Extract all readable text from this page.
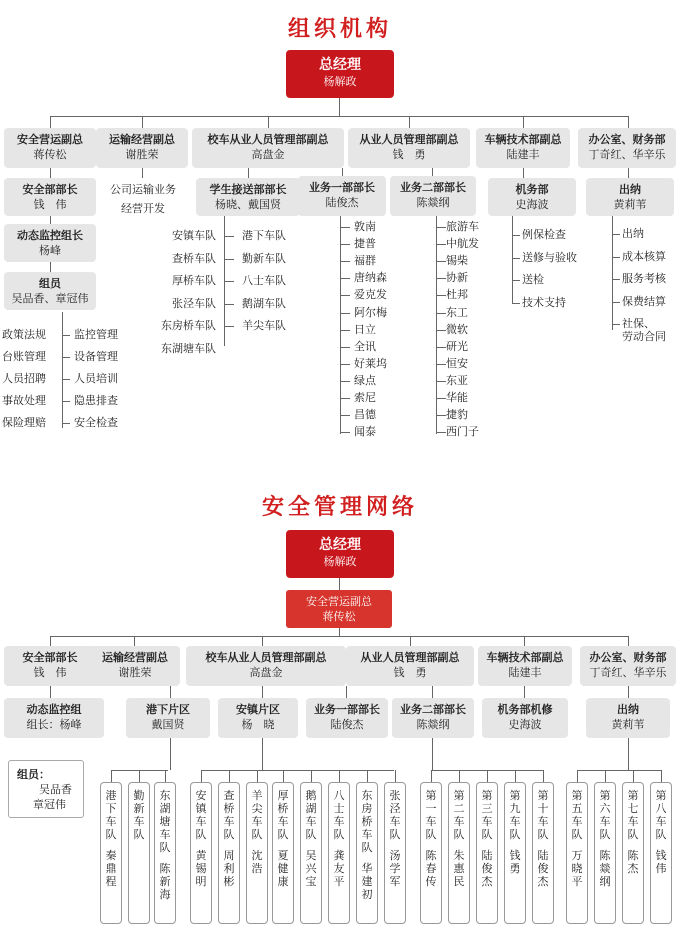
组织机构
总经理
杨解政
安全营运副总
蒋传松
运输经营副总
谢胜荣
校车从业人员管理部副总
高盘金
从业人员管理部副总
钱　勇
车辆技术部副总
陆建丰
办公室、财务部
丁奇红、华辛乐
安全部部长
钱　伟
动态监控组长
杨峰
组员
吴品香、章冠伟
政策法规
台账管理
人员招聘
事故处理
保险理赔
监控管理
设备管理
人员培训
隐患排查
安全检查
公司运输业务
经营开发
学生接送部部长
杨晓、戴国贤
安镇车队
查桥车队
厚桥车队
张泾车队
东房桥车队
东湖塘车队
港下车队
勤新车队
八士车队
鹅湖车队
羊尖车队
业务一部部长
陆俊杰
业务二部部长
陈燚纲
敦南
捷普
福群
唐纳森
爱克发
阿尔梅
日立
全讯
好莱坞
绿点
索尼
昌德
闻泰
旅游车
中航发
锡柴
协新
杜邦
东工
微软
研光
恒安
东亚
华能
捷豹
西门子
机务部
史海波
例保检查
送修与验收
送检
技术支持
出纳
黄莉苇
出纳
成本核算
服务考核
保费结算
社保、
劳动合同
安全管理网络
总经理
杨解政
安全营运副总
蒋传松
安全部部长
钱　伟
运输经营副总
谢胜荣
校车从业人员管理部副总
高盘金
从业人员管理部副总
钱　勇
车辆技术部副总
陆建丰
办公室、财务部
丁奇红、华辛乐
动态监控组
组长：杨峰
组员：
吴品香
章冠伟
港下片区
戴国贤
安镇片区
杨　晓
业务一部部长
陆俊杰
业务二部部长
陈燚纲
机务部机修
史海波
出纳
黄莉苇
港
下
车
队
秦
鼎
程
勤
新
车
队
东
湖
塘
车
队
陈
新
海
安
镇
车
队
黄
锡
明
查
桥
车
队
周
利
彬
羊
尖
车
队
沈
浩
厚
桥
车
队
夏
健
康
鹅
湖
车
队
吴
兴
宝
八
士
车
队
龚
友
平
东
房
桥
车
队
华
建
初
张
泾
车
队
汤
学
军
第
一
车
队
陈
春
传
第
二
车
队
朱
惠
民
第
三
车
队
陆
俊
杰
第
九
车
队
钱
勇
第
十
车
队
陆
俊
杰
第
五
车
队
万
晓
平
第
六
车
队
陈
燚
纲
第
七
车
队
陈
杰
第
八
车
队
钱
伟
